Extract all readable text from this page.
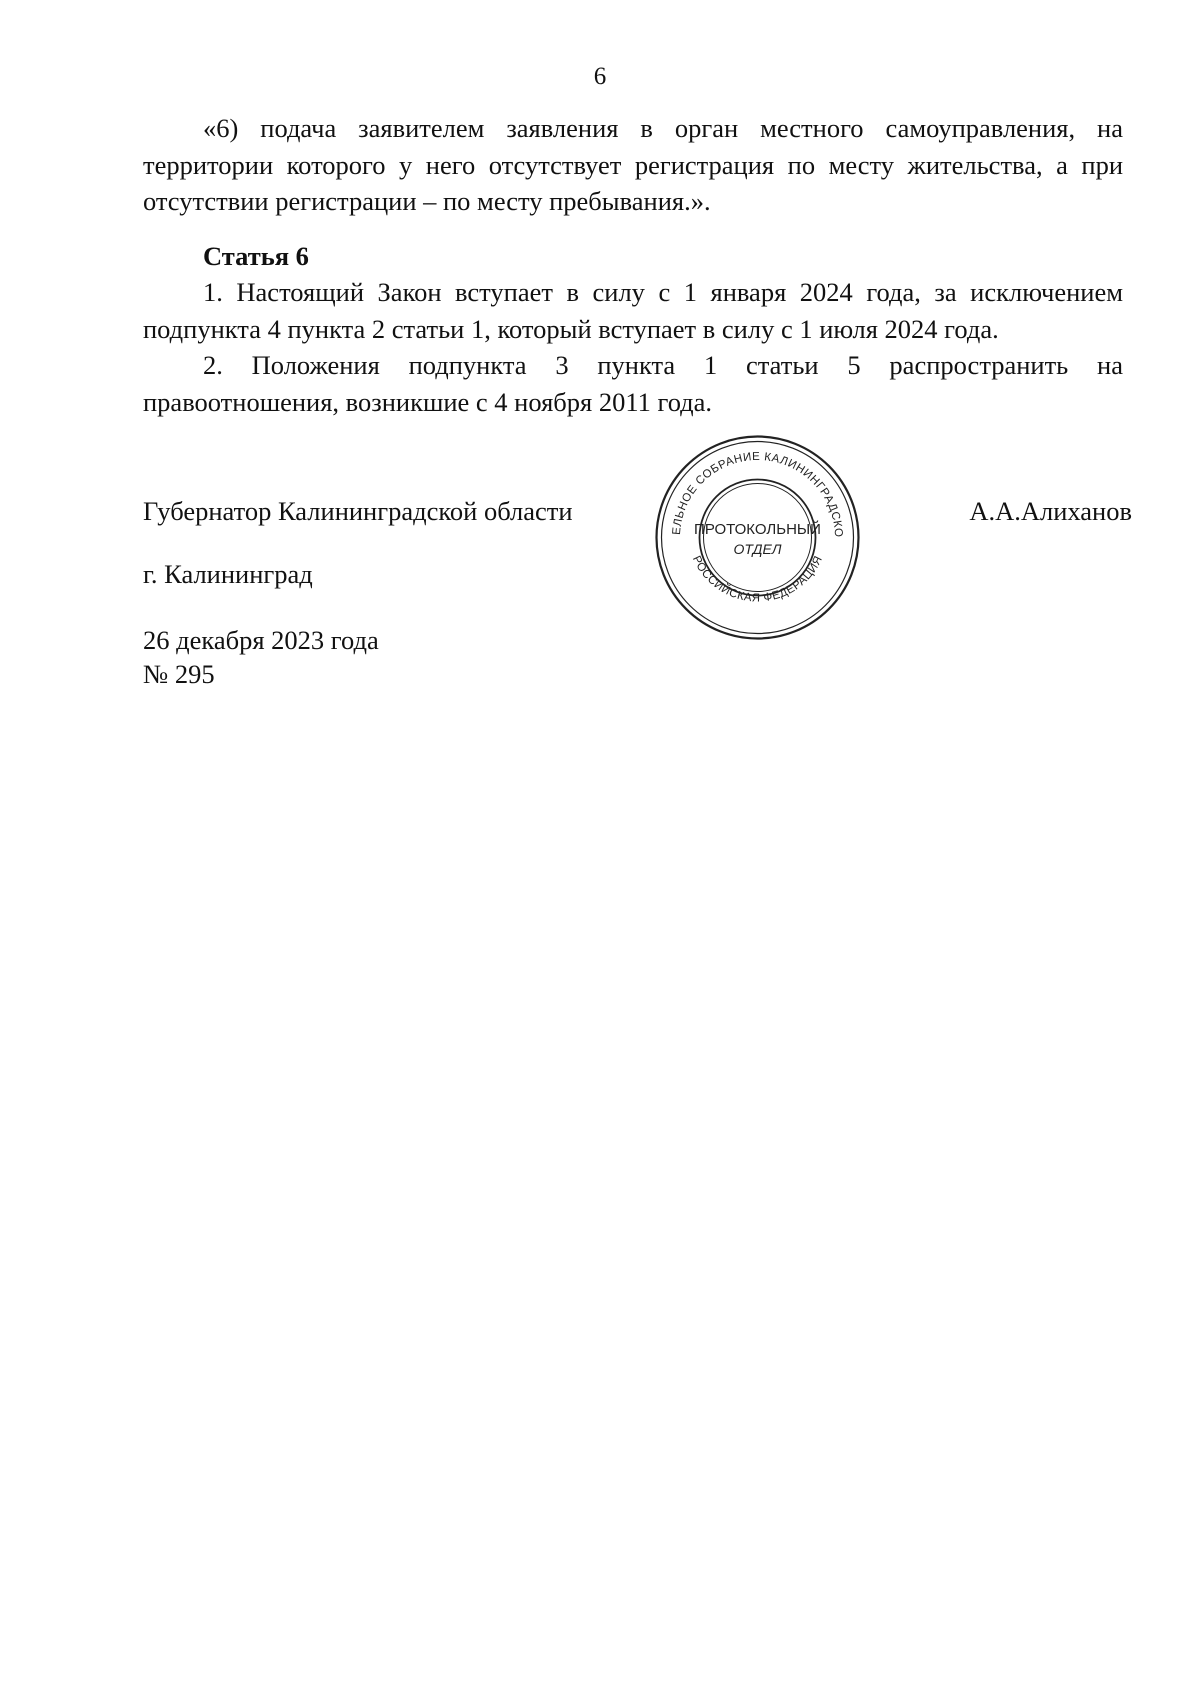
6

«6) подача заявителем заявления в орган местного самоуправления, на территории которого у него отсутствует регистрация по месту жительства, а при отсутствии регистрации – по месту пребывания.».

Статья 6

1. Настоящий Закон вступает в силу с 1 января 2024 года, за исключением подпункта 4 пункта 2 статьи 1, который вступает в силу с 1 июля 2024 года.

2. Положения подпункта 3 пункта 1 статьи 5 распространить на правоотношения, возникшие с 4 ноября 2011 года.

Губернатор Калининградской области	А.А.Алиханов
г. Калининград
26 декабря 2023 года
№ 295
ЕЛЬНОЕ СОБРАНИЕ КАЛИНИНГРАДСКО
РОССИЙСКАЯ ФЕДЕРАЦИЯ
ПРОТОКОЛЬНЫЙ
ОТДЕЛ
